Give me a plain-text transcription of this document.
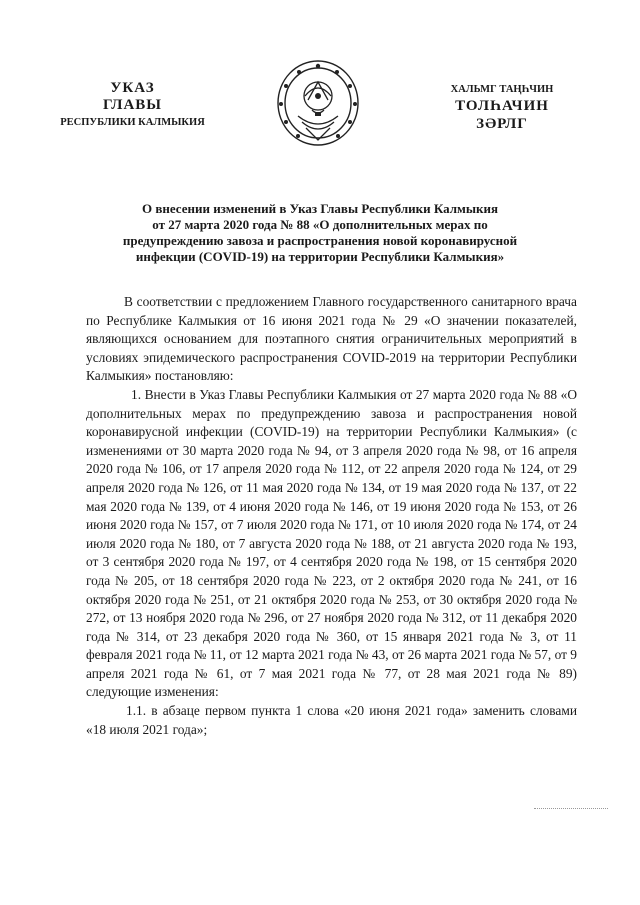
УКАЗ
ГЛАВЫ
РЕСПУБЛИКИ КАЛМЫКИЯ
ХАЛЬМГ ТАҢҺЧИН
ТОЛҺАЧИН
ЗӘРЛГ
О внесении изменений в Указ Главы Республики Калмыкия
от 27 марта 2020 года № 88 «О дополнительных мерах по
предупреждению завоза и распространения новой коронавирусной
инфекции (COVID-19) на территории Республики Калмыкия»

В соответствии с предложением Главного государственного санитарного врача по Республике Калмыкия от 16 июня 2021 года № 29 «О значении показателей, являющихся основанием для поэтапного снятия ограничительных мероприятий в условиях эпидемического распространения COVID-2019 на территории Республики Калмыкия» постановляю:

1. Внести в Указ Главы Республики Калмыкия от 27 марта 2020 года № 88 «О дополнительных мерах по предупреждению завоза и распространения новой коронавирусной инфекции (COVID-19) на территории Республики Калмыкия» (с изменениями от 30 марта 2020 года № 94, от 3 апреля 2020 года № 98, от 16 апреля 2020 года № 106, от 17 апреля 2020 года № 112, от 22 апреля 2020 года № 124, от 29 апреля 2020 года № 126, от 11 мая 2020 года № 134, от 19 мая 2020 года № 137, от 22 мая 2020 года № 139, от 4 июня 2020 года № 146, от 19 июня 2020 года № 153, от 26 июня 2020 года № 157, от 7 июля 2020 года № 171, от 10 июля 2020 года № 174, от 24 июля 2020 года № 180, от 7 августа 2020 года № 188, от 21 августа 2020 года № 193, от 3 сентября 2020 года № 197, от 4 сентября 2020 года № 198, от 15 сентября 2020 года № 205, от 18 сентября 2020 года № 223, от 2 октября 2020 года № 241, от 16 октября 2020 года № 251, от 21 октября 2020 года № 253, от 30 октября 2020 года № 272, от 13 ноября 2020 года № 296, от 27 ноября 2020 года № 312, от 11 декабря 2020 года № 314, от 23 декабря 2020 года № 360, от 15 января 2021 года № 3, от 11 февраля 2021 года № 11, от 12 марта 2021 года № 43, от 26 марта 2021 года № 57, от 9 апреля 2021 года № 61, от 7 мая 2021 года № 77, от 28 мая 2021 года № 89) следующие изменения:

1.1. в абзаце первом пункта 1 слова «20 июня 2021 года» заменить словами «18 июля 2021 года»;
